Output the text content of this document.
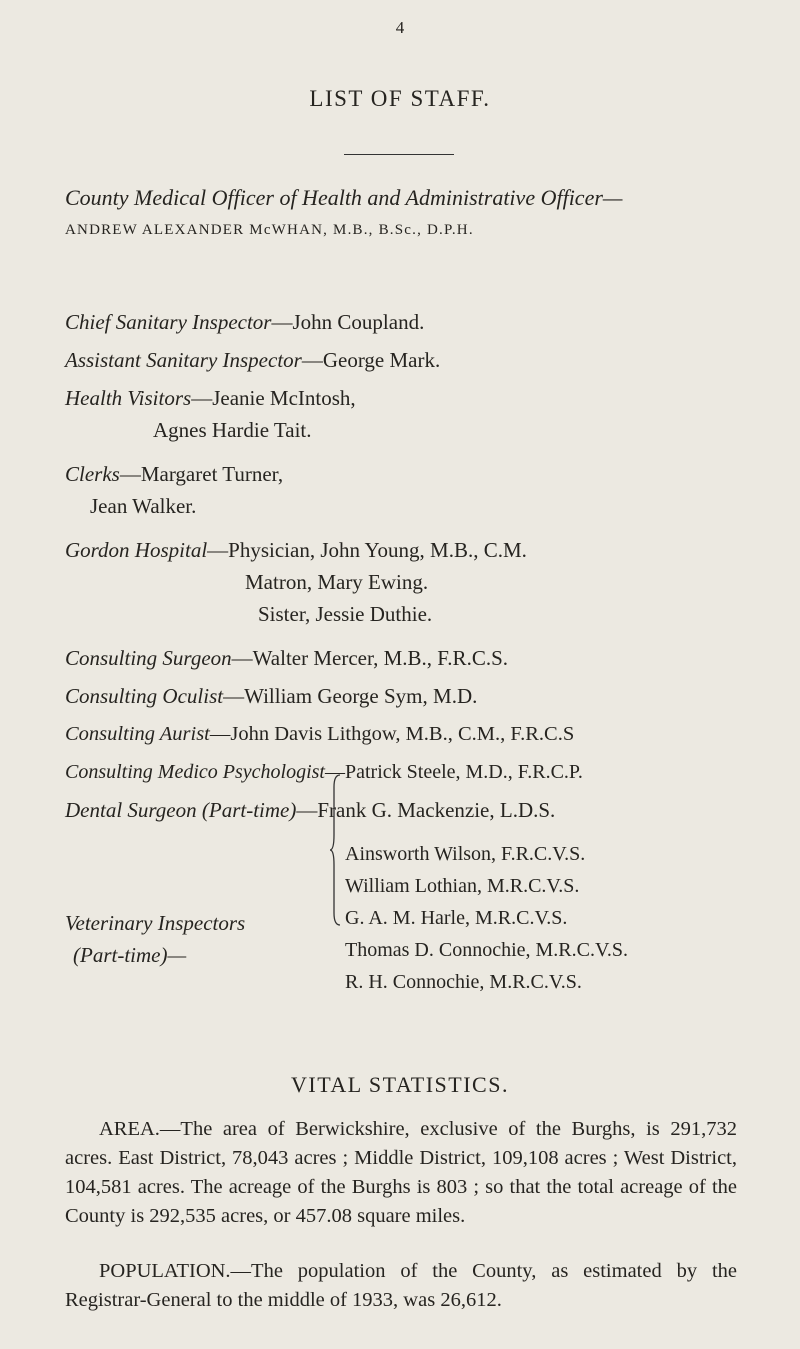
4
LIST OF STAFF.
County Medical Officer of Health and Administrative Officer—
ANDREW ALEXANDER McWHAN, M.B., B.Sc., D.P.H.
Chief Sanitary Inspector—John Coupland.
Assistant Sanitary Inspector—George Mark.
Health Visitors—Jeanie McIntosh,
Agnes Hardie Tait.
Clerks—Margaret Turner,
Jean Walker.
Gordon Hospital—Physician, John Young, M.B., C.M.
Matron, Mary Ewing.
Sister, Jessie Duthie.
Consulting Surgeon—Walter Mercer, M.B., F.R.C.S.
Consulting Oculist—William George Sym, M.D.
Consulting Aurist—John Davis Lithgow, M.B., C.M., F.R.C.S
Consulting Medico Psychologist—Patrick Steele, M.D., F.R.C.P.
Dental Surgeon (Part-time)—Frank G. Mackenzie, L.D.S.
Veterinary Inspectors
(Part-time)—
Ainsworth Wilson, F.R.C.V.S.
William Lothian, M.R.C.V.S.
G. A. M. Harle, M.R.C.V.S.
Thomas D. Connochie, M.R.C.V.S.
R. H. Connochie, M.R.C.V.S.
VITAL STATISTICS.

AREA.—The area of Berwickshire, exclusive of the Burghs, is 291,732 acres. East District, 78,043 acres ; Middle District, 109,108 acres ; West District, 104,581 acres. The acreage of the Burghs is 803 ; so that the total acreage of the County is 292,535 acres, or 457.08 square miles.

POPULATION.—The population of the County, as estimated by the Registrar-General to the middle of 1933, was 26,612.
